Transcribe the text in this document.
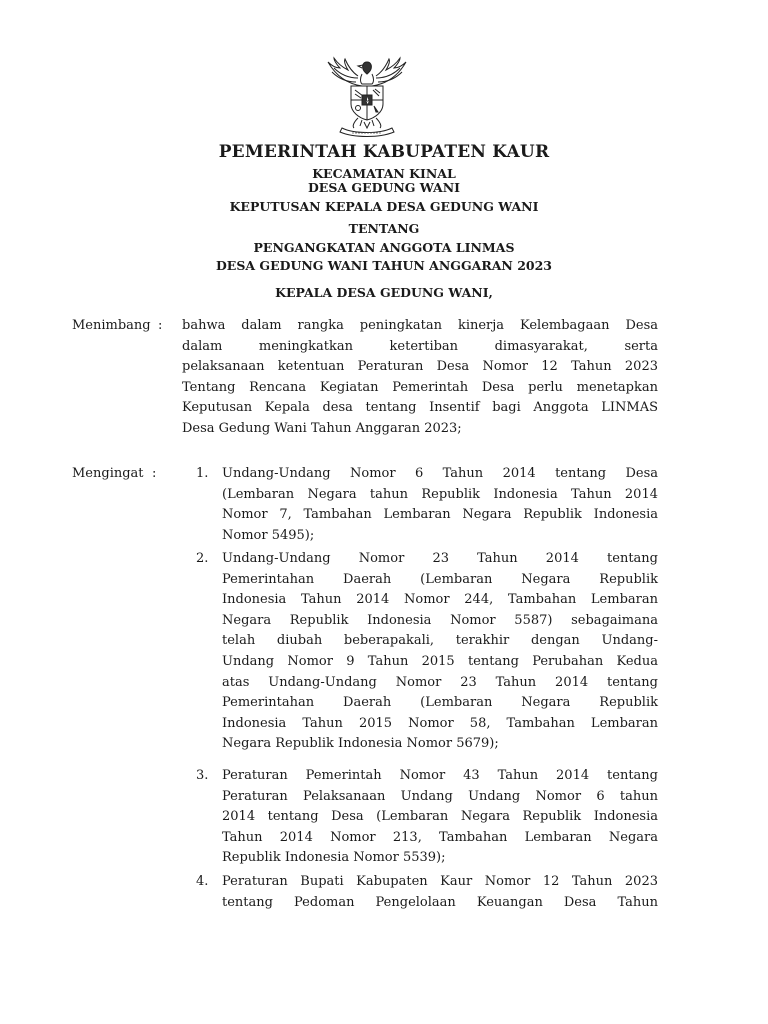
PEMERINTAH KABUPATEN KAUR
KECAMATAN KINAL
DESA GEDUNG WANI
KEPUTUSAN KEPALA DESA GEDUNG WANI
TENTANG
PENGANGKATAN ANGGOTA LINMAS
DESA GEDUNG WANI TAHUN ANGGARAN 2023
KEPALA DESA GEDUNG WANI,
Menimbang : bahwa dalam rangka peningkatan kinerja Kelembagaan Desa
dalam meningkatkan ketertiban dimasyarakat, serta
pelaksanaan ketentuan Peraturan Desa Nomor 12 Tahun 2023
Tentang Rencana Kegiatan Pemerintah Desa perlu menetapkan
Keputusan Kepala desa tentang Insentif bagi Anggota LINMAS
Desa Gedung Wani Tahun Anggaran 2023;
Mengingat :	1.	Undang-Undang Nomor 6 Tahun 2014 tentang Desa
(Lembaran Negara tahun Republik Indonesia Tahun 2014
Nomor 7, Tambahan Lembaran Negara Republik Indonesia
Nomor 5495);
2.	Undang-Undang Nomor 23 Tahun 2014 tentang
Pemerintahan Daerah (Lembaran Negara Republik
Indonesia Tahun 2014 Nomor 244, Tambahan Lembaran
Negara Republik Indonesia Nomor 5587) sebagaimana
telah diubah beberapakali, terakhir dengan Undang-
Undang Nomor 9 Tahun 2015 tentang Perubahan Kedua
atas Undang-Undang Nomor 23 Tahun 2014 tentang
Pemerintahan Daerah (Lembaran Negara Republik
Indonesia Tahun 2015 Nomor 58, Tambahan Lembaran
Negara Republik Indonesia Nomor 5679);
3.	Peraturan Pemerintah Nomor 43 Tahun 2014 tentang
Peraturan Pelaksanaan Undang Undang Nomor 6 tahun
2014 tentang Desa (Lembaran Negara Republik Indonesia
Tahun 2014 Nomor 213, Tambahan Lembaran Negara
Republik Indonesia Nomor 5539);
4.	Peraturan Bupati Kabupaten Kaur Nomor 12 Tahun 2023
tentang Pedoman Pengelolaan Keuangan Desa Tahun
